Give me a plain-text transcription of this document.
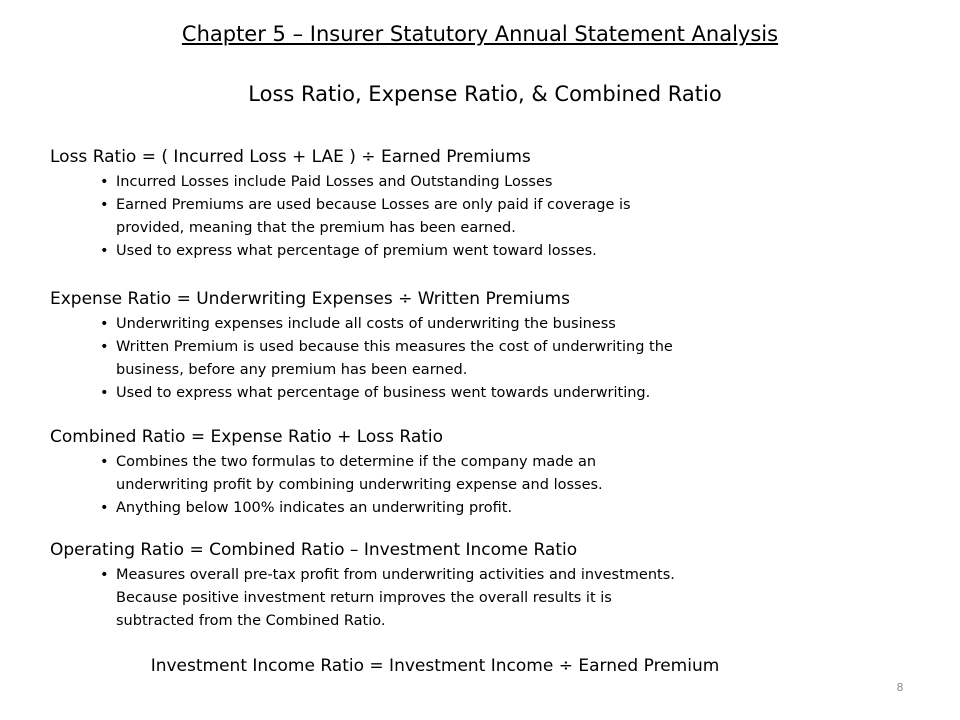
Chapter 5 – Insurer Statutory Annual Statement Analysis
Loss Ratio, Expense Ratio, & Combined Ratio
Loss Ratio = ( Incurred Loss + LAE ) ÷ Earned Premiums
• Incurred Losses include Paid Losses and Outstanding Losses
• Earned Premiums are used because Losses are only paid if coverage is
provided, meaning that the premium has been earned.
• Used to express what percentage of premium went toward losses.
Expense Ratio = Underwriting Expenses ÷ Written Premiums
• Underwriting expenses include all costs of underwriting the business
• Written Premium is used because this measures the cost of underwriting the
business, before any premium has been earned.
• Used to express what percentage of business went towards underwriting.
Combined Ratio = Expense Ratio + Loss Ratio
• Combines the two formulas to determine if the company made an
underwriting profit by combining underwriting expense and losses.
• Anything below 100% indicates an underwriting profit.
Operating Ratio = Combined Ratio – Investment Income Ratio
• Measures overall pre-tax profit from underwriting activities and investments.
Because positive investment return improves the overall results it is
subtracted from the Combined Ratio.
Investment Income Ratio = Investment Income ÷ Earned Premium
8
